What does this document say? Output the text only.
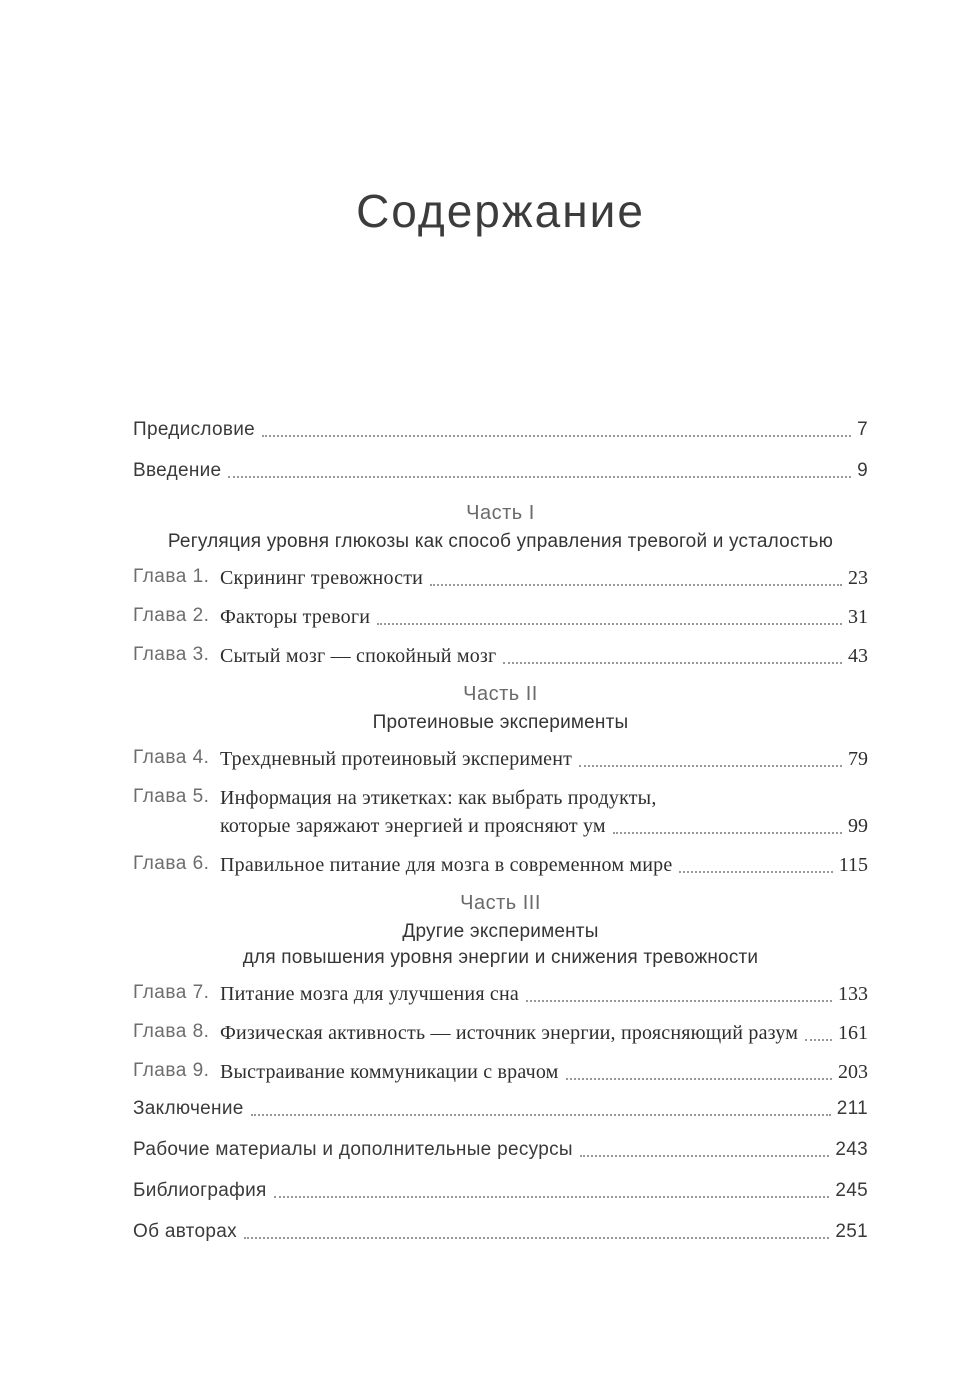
Содержание
Предисловие	7
Введение	9
Часть I
Регуляция уровня глюкозы как способ управления тревогой и усталостью
Глава 1. Скрининг тревожности	23
Глава 2. Факторы тревоги	31
Глава 3. Сытый мозг — спокойный мозг	43
Часть II
Протеиновые эксперименты
Глава 4. Трехдневный протеиновый эксперимент	79
Глава 5. Информация на этикетках: как выбрать продукты,
которые заряжают энергией и проясняют ум	99
Глава 6. Правильное питание для мозга в современном мире	115
Часть III
Другие эксперименты
для повышения уровня энергии и снижения тревожности
Глава 7. Питание мозга для улучшения сна	133
Глава 8. Физическая активность — источник энергии, проясняющий разум 161
Глава 9. Выстраивание коммуникации с врачом	203
Заключение	211
Рабочие материалы и дополнительные ресурсы	243
Библиография	245
Об авторах	251
